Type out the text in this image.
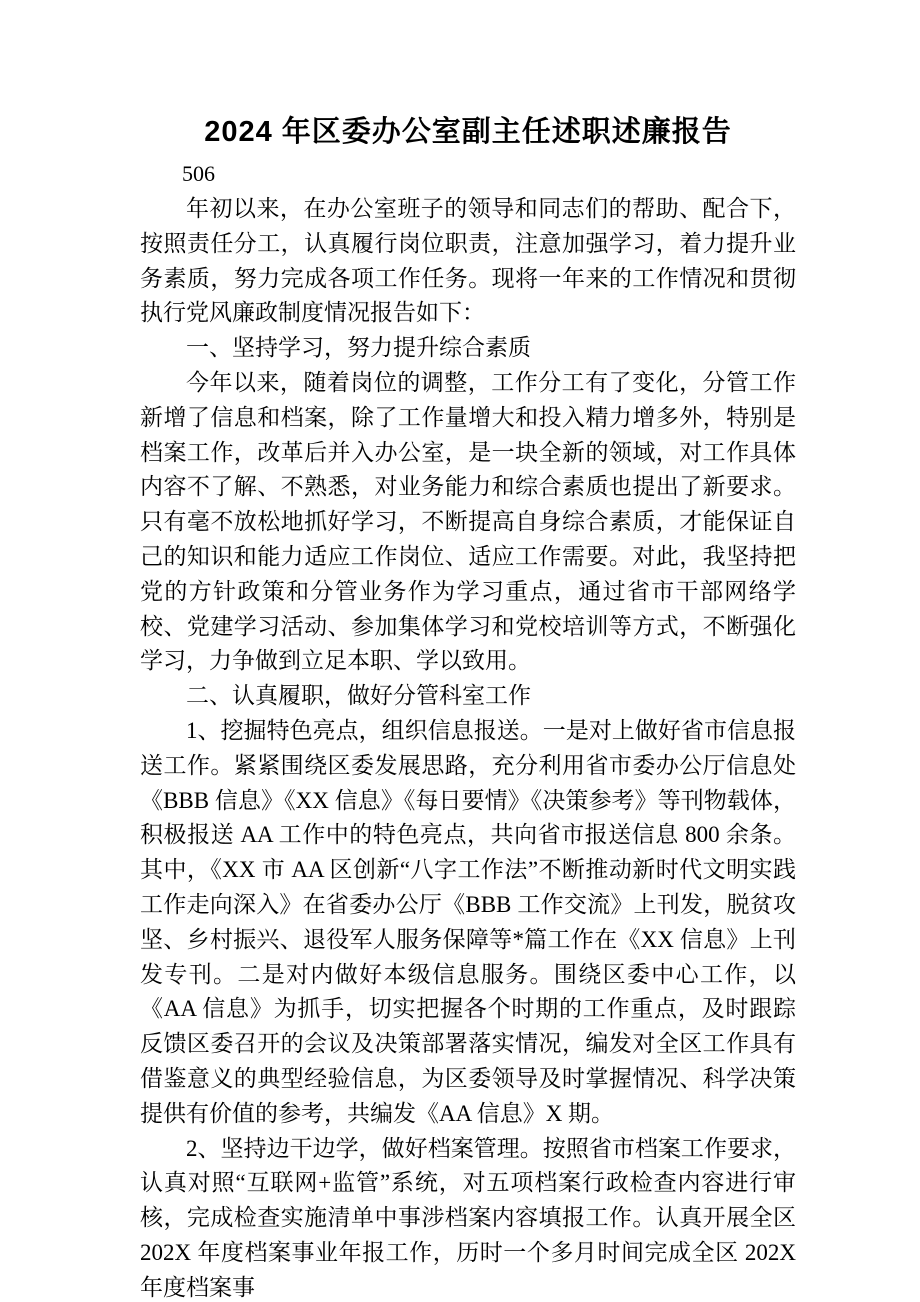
2024 年区委办公室副主任述职述廉报告
506

年初以来，在办公室班子的领导和同志们的帮助、配合下，按照责任分工，认真履行岗位职责，注意加强学习，着力提升业务素质，努力完成各项工作任务。现将一年来的工作情况和贯彻执行党风廉政制度情况报告如下：

一、坚持学习，努力提升综合素质

今年以来，随着岗位的调整，工作分工有了变化，分管工作新增了信息和档案，除了工作量增大和投入精力增多外，特别是档案工作，改革后并入办公室，是一块全新的领域，对工作具体内容不了解、不熟悉，对业务能力和综合素质也提出了新要求。只有毫不放松地抓好学习，不断提高自身综合素质，才能保证自己的知识和能力适应工作岗位、适应工作需要。对此，我坚持把党的方针政策和分管业务作为学习重点，通过省市干部网络学校、党建学习活动、参加集体学习和党校培训等方式，不断强化学习，力争做到立足本职、学以致用。

二、认真履职，做好分管科室工作

1、挖掘特色亮点，组织信息报送。一是对上做好省市信息报送工作。紧紧围绕区委发展思路，充分利用省市委办公厅信息处《BBB 信息》《XX 信息》《每日要情》《决策参考》等刊物载体，积极报送 AA 工作中的特色亮点，共向省市报送信息 800 余条。其中，《XX 市 AA 区创新“八字工作法”不断推动新时代文明实践工作走向深入》在省委办公厅《BBB 工作交流》上刊发，脱贫攻坚、乡村振兴、退役军人服务保障等*篇工作在《XX 信息》上刊发专刊。二是对内做好本级信息服务。围绕区委中心工作，以《AA 信息》为抓手，切实把握各个时期的工作重点，及时跟踪反馈区委召开的会议及决策部署落实情况，编发对全区工作具有借鉴意义的典型经验信息，为区委领导及时掌握情况、科学决策提供有价值的参考，共编发《AA 信息》X 期。

2、坚持边干边学，做好档案管理。按照省市档案工作要求，认真对照“互联网+监管”系统，对五项档案行政检查内容进行审核，完成检查实施清单中事涉档案内容填报工作。认真开展全区 202X 年度档案事业年报工作，历时一个多月时间完成全区 202X 年度档案事
